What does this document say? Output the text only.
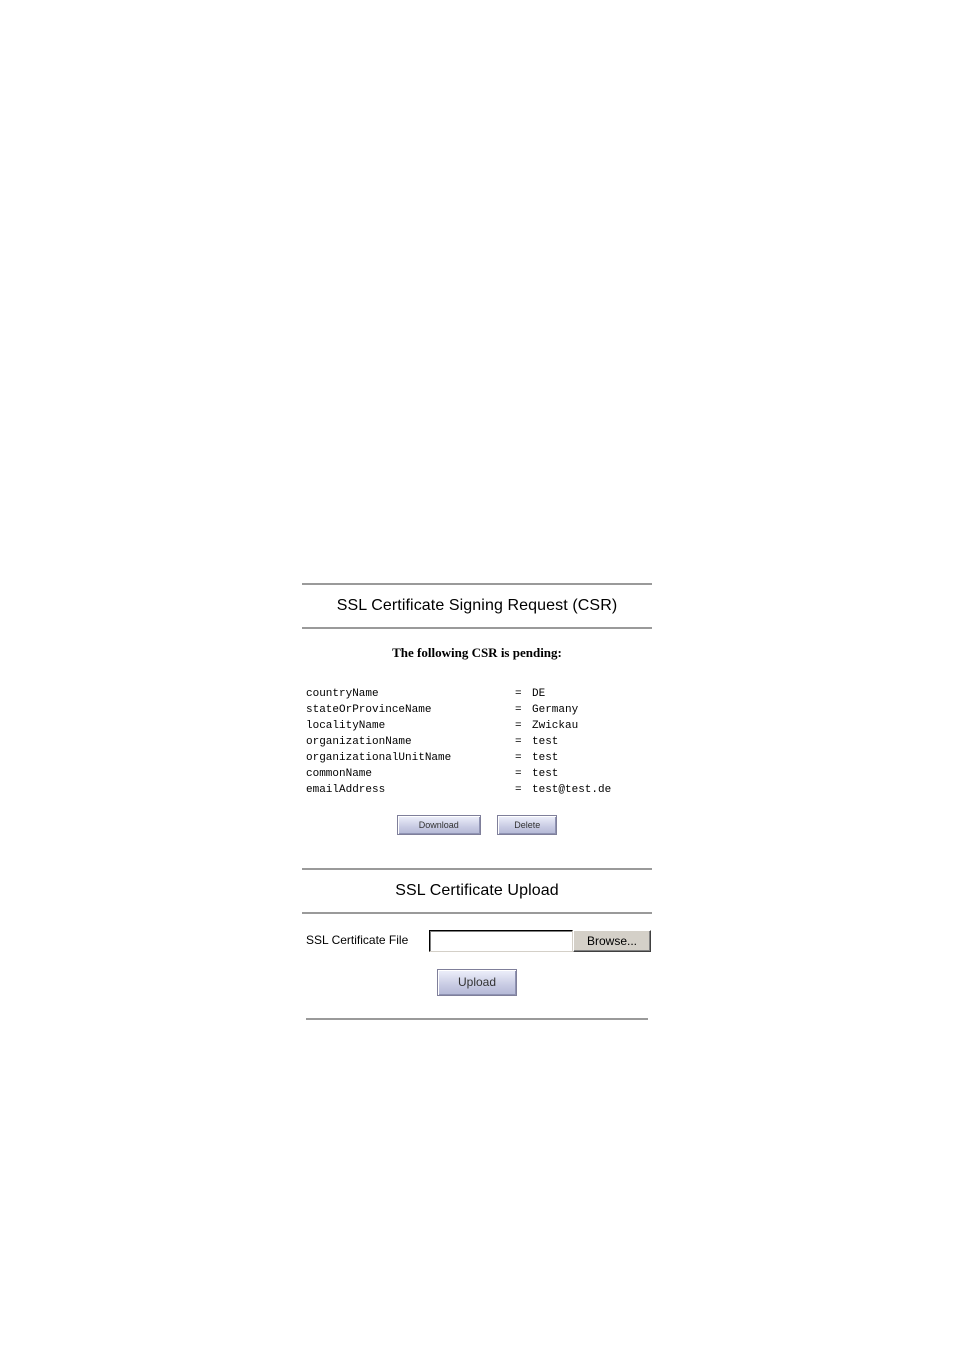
SSL Certificate Signing Request (CSR)
The following CSR is pending:
countryName	=	DE
stateOrProvinceName	=	Germany
localityName	=	Zwickau
organizationName	=	test
organizationalUnitName	=	test
commonName	=	test
emailAddress	=	test@test.de
Download	Delete
SSL Certificate Upload
SSL Certificate File	Browse...
Upload
